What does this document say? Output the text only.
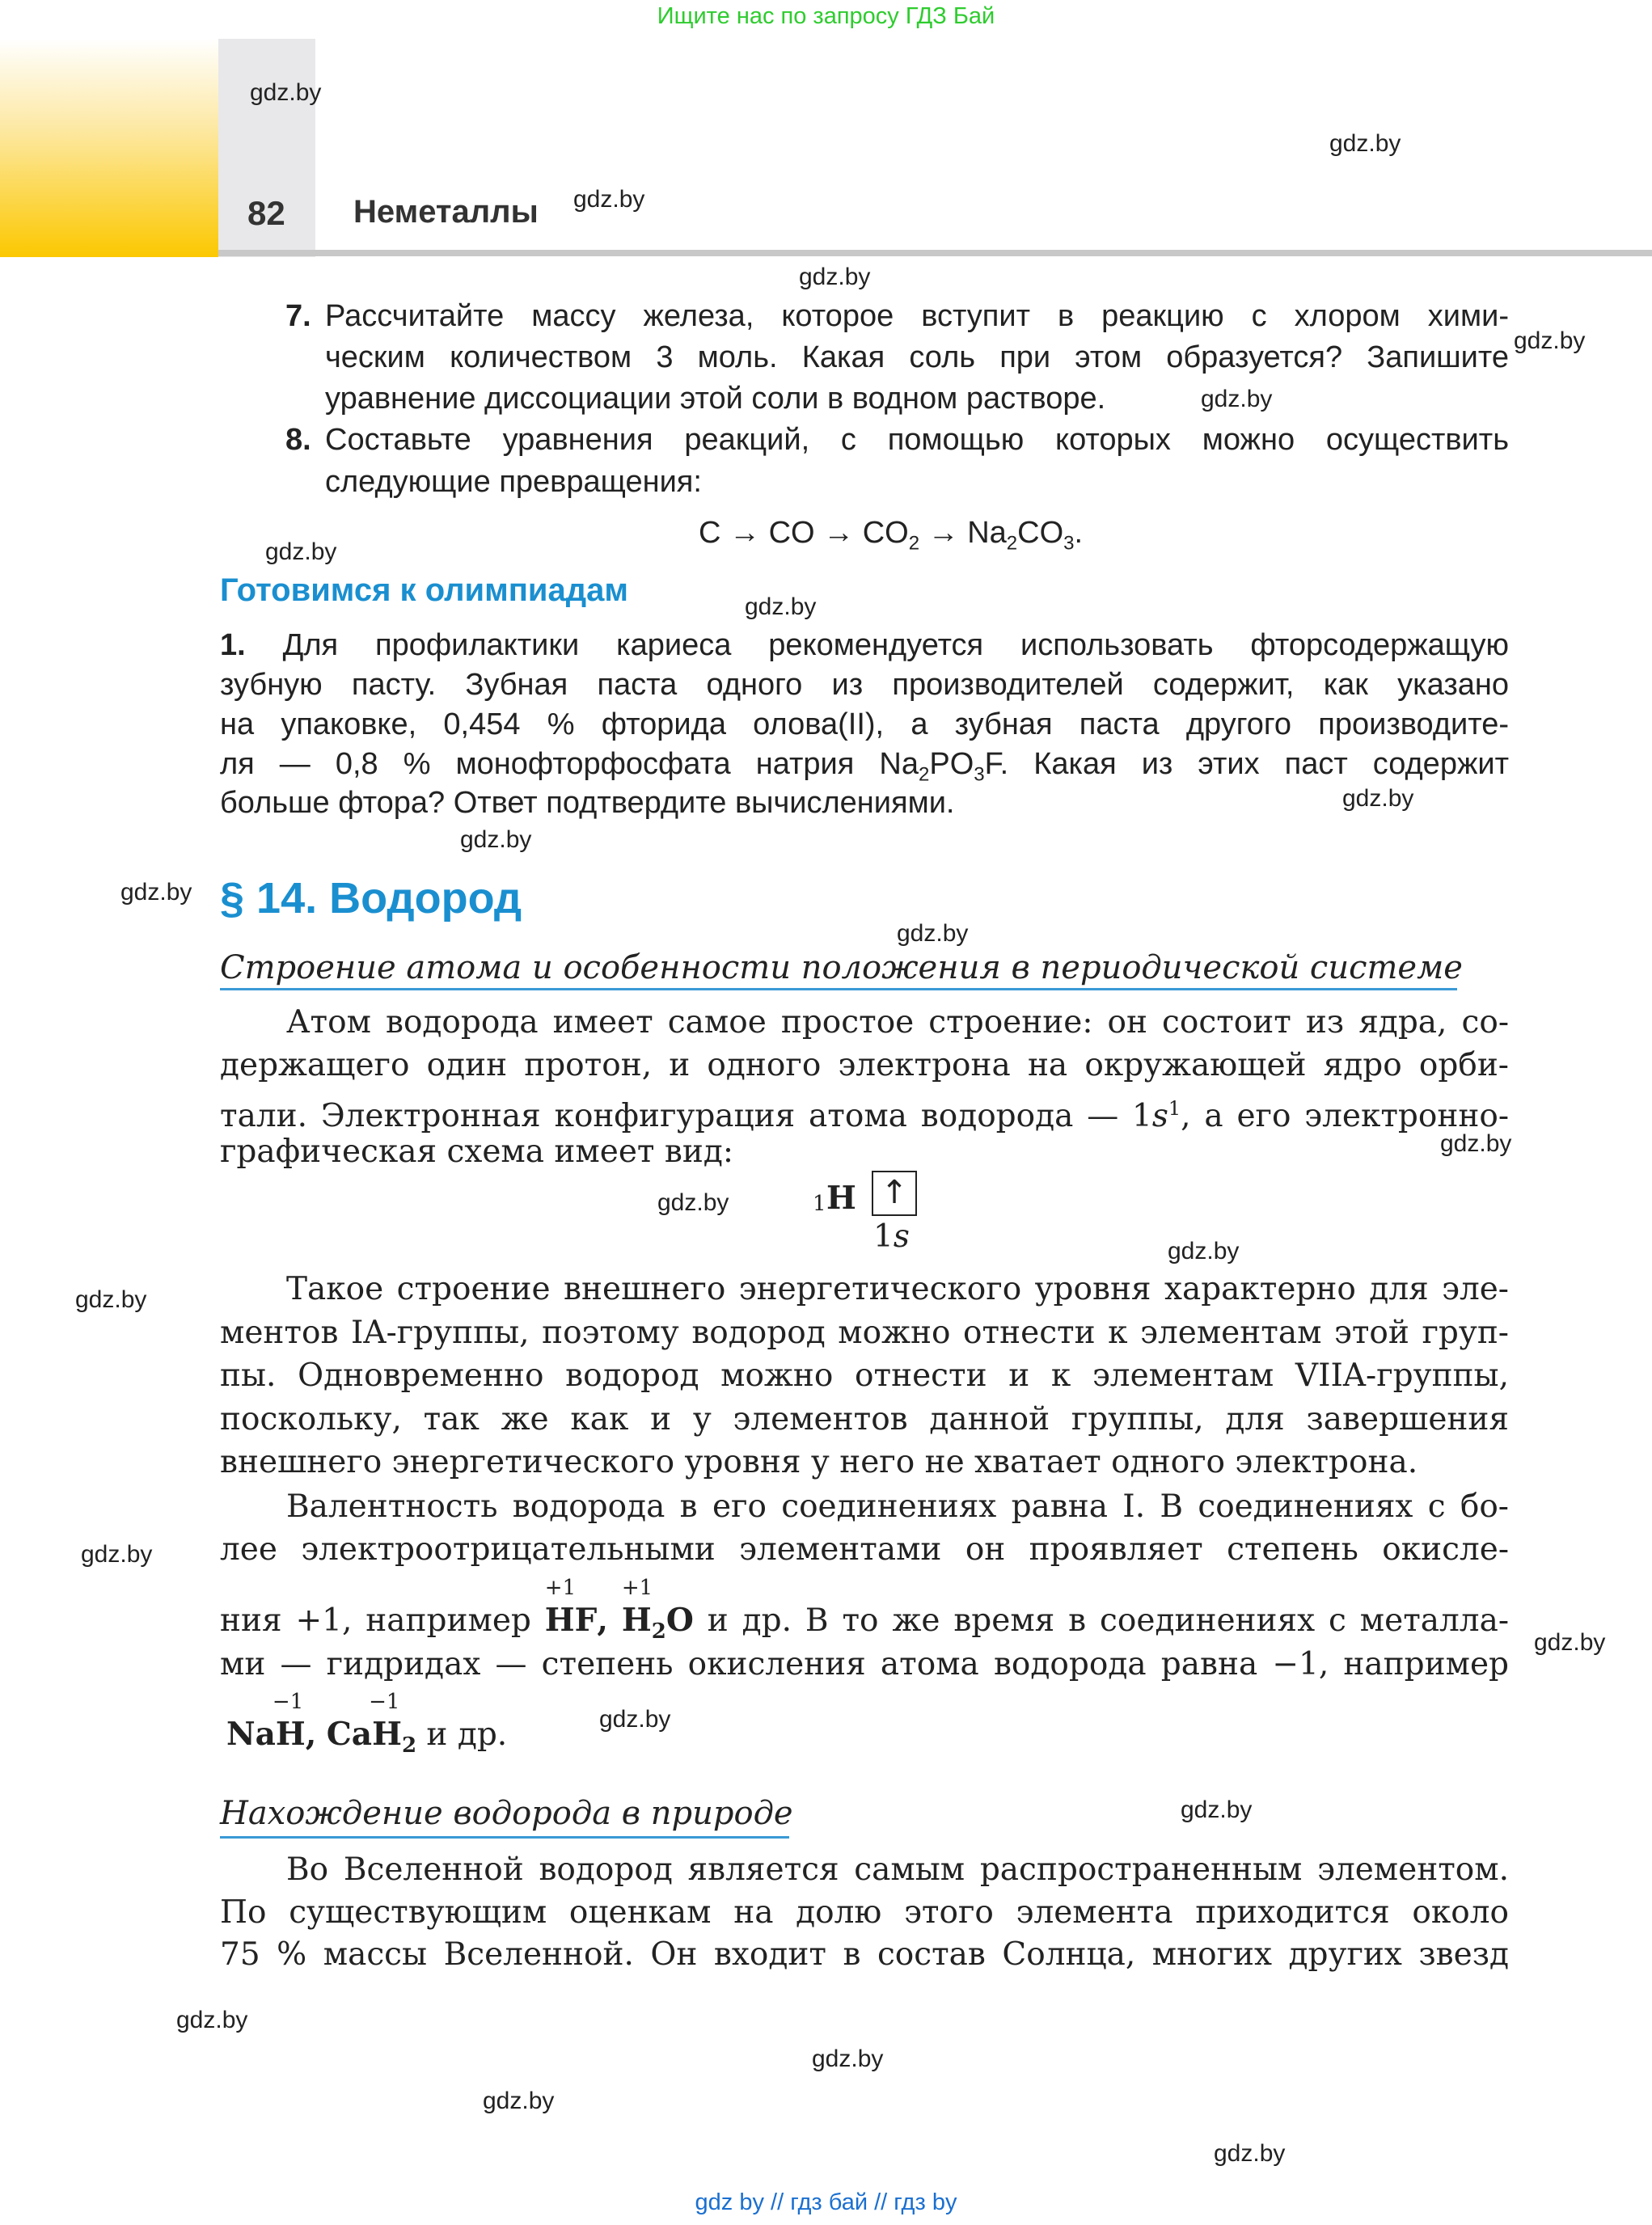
Ищите нас по запросу ГДЗ Бай
82 Неметаллы
7. Рассчитайте массу железа, которое вступит в реакцию с хлором хими-
ческим количеством 3 моль. Какая соль при этом образуется? Запишите
уравнение диссоциации этой соли в водном растворе.
8. Составьте уравнения реакций, с помощью которых можно осуществить
следующие превращения:
C → CO → $CO_2 \to Na_2CO_3$.
Готовимся к олимпиадам
1. Для профилактики кариеса рекомендуется использовать фторсодержащую
зубную пасту. Зубная паста одного из производителей содержит, как указано
на упаковке, 0,454 % фторида олова(II), а зубная паста другого производите-
ля — 0,8 % монофторфосфата натрия $Na_2PO_3F$. Какая из этих паст содержит
больше фтора? Ответ подтвердите вычислениями.
§ 14. Водород
Строение атома и особенности положения в периодической системе
Атом водорода имеет самое простое строение: он состоит из ядра, со-
держащего один протон, и одного электрона на окружающей ядро орби-
тали. Электронная конфигурация атома водорода — $1s^1$, а его электронно-
графическая схема имеет вид:
1 H ↑
1s
Такое строение внешнего энергетического уровня характерно для эле-
ментов IA-группы, поэтому водород можно отнести к элементам этой груп-
пы. Одновременно водород можно отнести и к элементам VIIA-группы,
поскольку, так же как и у элементов данной группы, для завершения
внешнего энергетического уровня у него не хватает одного электрона.
Валентность водорода в его соединениях равна I. В соединениях с бо-
лее электроотрицательными элементами он проявляет степень окисле-
ния +1, например H
+1
F, H
+1
$_2$O и др. В то же время в соединениях с металла-
ми — гидридах — степень окисления атома водорода равна −1, например
NaH
−1
, CaH
−1
$_2$ и др.
Нахождение водорода в природе
Во Вселенной водород является самым распространенным элементом.
По существующим оценкам на долю этого элемента приходится около
75 % массы Вселенной. Он входит в состав Солнца, многих других звезд
gdz.by
gdz.by
gdz.by
gdz.by
gdz.by
gdz.by
gdz.by
gdz.by
gdz.by
gdz.by
gdz.by
gdz.by
gdz.by
gdz.by
gdz.by
gdz.by
gdz.by
gdz.by
gdz.by
gdz.by
gdz.by
gdz.by
gdz.by
gdz.by
gdz by // гдз бай // гдз by
